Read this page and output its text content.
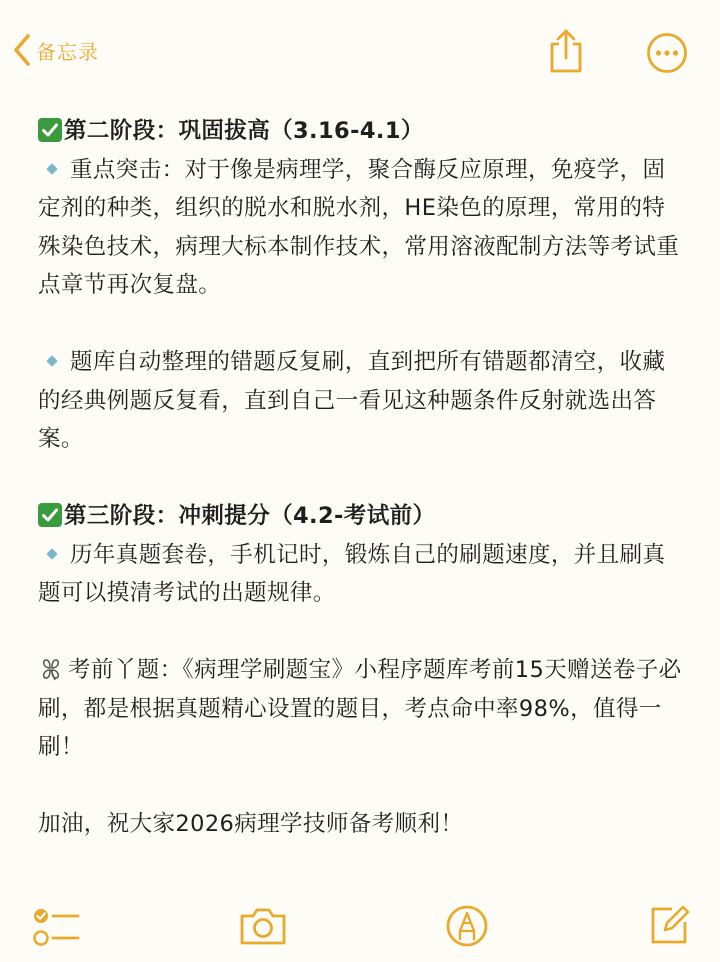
备忘录

第二阶段：巩固拔高（3.16-4.1）

重点突击：对于像是病理学，聚合酶反应原理，免疫学，固定剂的种类，组织的脱水和脱水剂，HE染色的原理，常用的特殊染色技术，病理大标本制作技术，常用溶液配制方法等考试重点章节再次复盘。

题库自动整理的错题反复刷，直到把所有错题都清空，收藏的经典例题反复看，直到自己一看见这种题条件反射就选出答案。

第三阶段：冲刺提分（4.2-考试前）

历年真题套卷，手机记时，锻炼自己的刷题速度，并且刷真题可以摸清考试的出题规律。

考前丫题：《病理学刷题宝》小程序题库考前15天赠送卷子必刷，都是根据真题精心设置的题目，考点命中率98%，值得一刷！

加油，祝大家2026病理学技师备考顺利！
